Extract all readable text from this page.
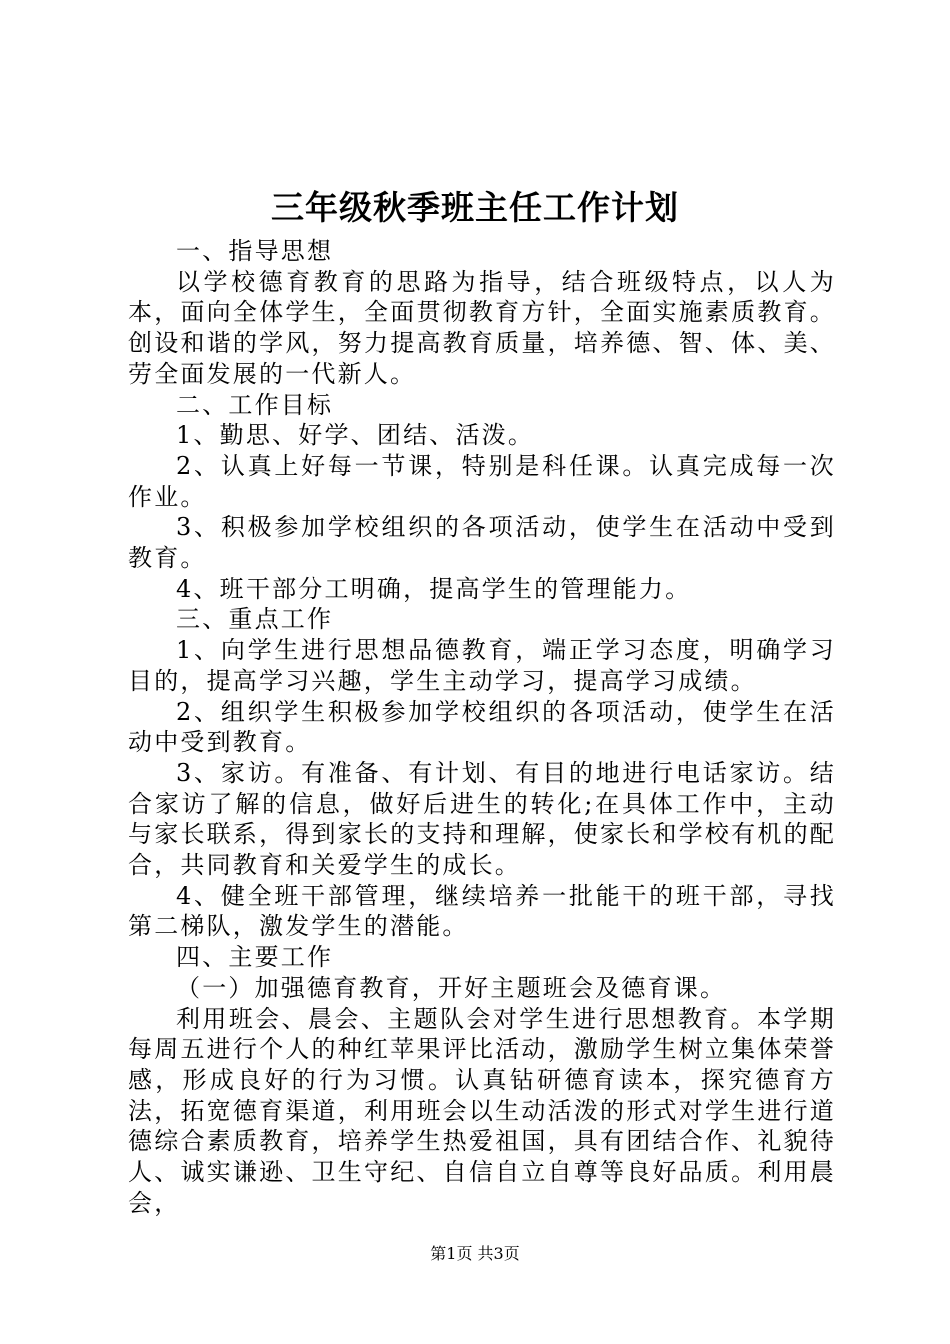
三年级秋季班主任工作计划

一、指导思想

以学校德育教育的思路为指导，结合班级特点，以人为本，面向全体学生，全面贯彻教育方针，全面实施素质教育。创设和谐的学风，努力提高教育质量，培养德、智、体、美、劳全面发展的一代新人。

二、工作目标

1、勤思、好学、团结、活泼。

2、认真上好每一节课，特别是科任课。认真完成每一次作业。

3、积极参加学校组织的各项活动，使学生在活动中受到教育。

4、班干部分工明确，提高学生的管理能力。

三、重点工作

1、向学生进行思想品德教育，端正学习态度，明确学习目的，提高学习兴趣，学生主动学习，提高学习成绩。

2、组织学生积极参加学校组织的各项活动，使学生在活动中受到教育。

3、家访。有准备、有计划、有目的地进行电话家访。结合家访了解的信息，做好后进生的转化;在具体工作中，主动与家长联系，得到家长的支持和理解，使家长和学校有机的配合，共同教育和关爱学生的成长。

4、健全班干部管理，继续培养一批能干的班干部，寻找第二梯队，激发学生的潜能。

四、主要工作

（一）加强德育教育，开好主题班会及德育课。

利用班会、晨会、主题队会对学生进行思想教育。本学期每周五进行个人的种红苹果评比活动，激励学生树立集体荣誉感，形成良好的行为习惯。认真钻研德育读本，探究德育方法，拓宽德育渠道，利用班会以生动活泼的形式对学生进行道德综合素质教育，培养学生热爱祖国，具有团结合作、礼貌待人、诚实谦逊、卫生守纪、自信自立自尊等良好品质。利用晨会，

第1页 共3页
